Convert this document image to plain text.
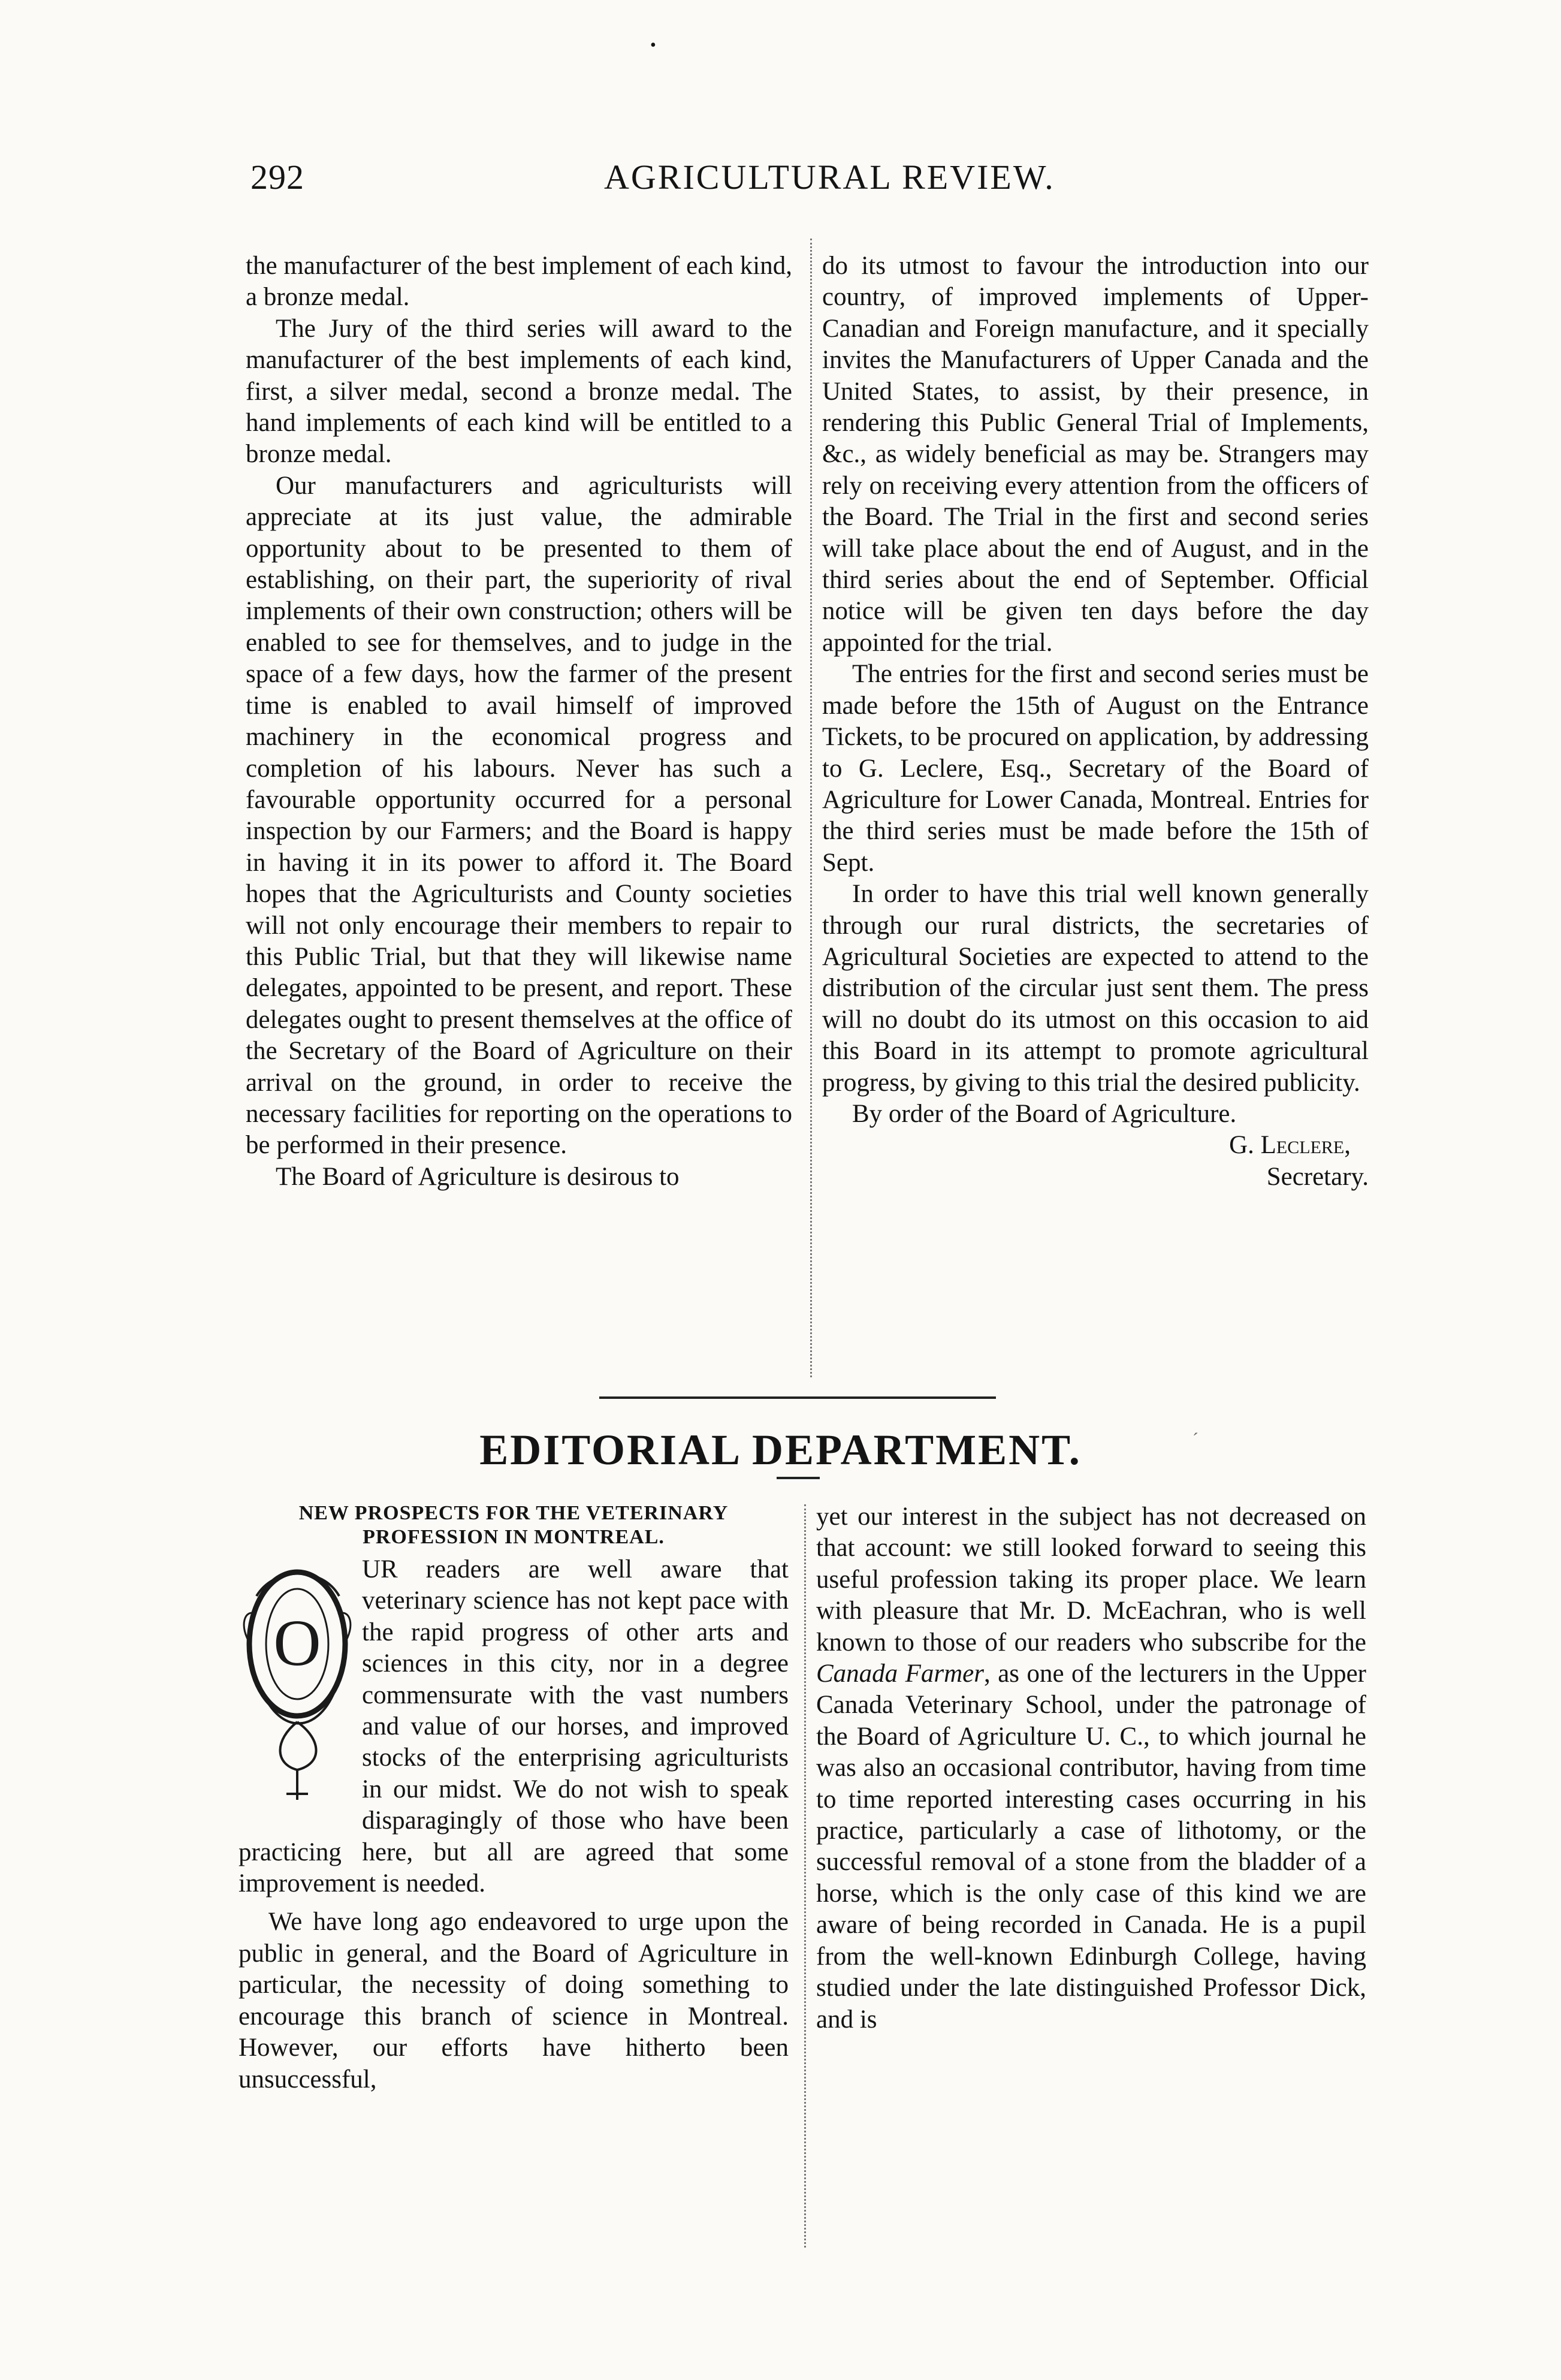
•
292	AGRICULTURAL REVIEW.

the manufacturer of the best implement of each kind, a bronze medal.

The Jury of the third series will award to the manufacturer of the best implements of each kind, first, a silver medal, second a bronze medal. The hand implements of each kind will be entitled to a bronze medal.

Our manufacturers and agriculturists will appreciate at its just value, the admirable opportunity about to be presented to them of establishing, on their part, the superiority of rival implements of their own construction; others will be enabled to see for themselves, and to judge in the space of a few days, how the farmer of the present time is enabled to avail himself of improved machinery in the economical progress and completion of his labours. Never has such a favourable opportunity occurred for a personal inspection by our Farmers; and the Board is happy in having it in its power to afford it. The Board hopes that the Agriculturists and County societies will not only encourage their members to repair to this Public Trial, but that they will likewise name delegates, appointed to be present, and report. These delegates ought to present themselves at the office of the Secretary of the Board of Agriculture on their arrival on the ground, in order to receive the necessary facilities for reporting on the operations to be performed in their presence.

The Board of Agriculture is desirous to

do its utmost to favour the introduction into our country, of improved implements of Upper-Canadian and Foreign manufacture, and it specially invites the Manufacturers of Upper Canada and the United States, to assist, by their presence, in rendering this Public General Trial of Implements, &c., as widely beneficial as may be. Strangers may rely on receiving every attention from the officers of the Board. The Trial in the first and second series will take place about the end of August, and in the third series about the end of September. Official notice will be given ten days before the day appointed for the trial.

The entries for the first and second series must be made before the 15th of August on the Entrance Tickets, to be procured on application, by addressing to G. Leclere, Esq., Secretary of the Board of Agriculture for Lower Canada, Montreal. Entries for the third series must be made before the 15th of Sept.

In order to have this trial well known generally through our rural districts, the secretaries of Agricultural Societies are expected to attend to the distribution of the circular just sent them. The press will no doubt do its utmost on this occasion to aid this Board in its attempt to promote agricultural progress, by giving to this trial the desired publicity.

By order of the Board of Agriculture.

G. Leclere,

Secretary.

EDITORIAL DEPARTMENT.	´
NEW PROSPECTS FOR THE VETERINARY
PROFESSION IN MONTREAL.
O

UR readers are well aware that veterinary science has not kept pace with the rapid progress of other arts and sciences in this city, nor in a degree commensurate with the vast numbers and value of our horses, and improved stocks of the enterprising agriculturists in our midst. We do not wish to speak disparagingly of those who have been practicing here, but all are agreed that some improvement is needed.

We have long ago endeavored to urge upon the public in general, and the Board of Agriculture in particular, the necessity of doing something to encourage this branch of science in Montreal. However, our efforts have hitherto been unsuccessful,

yet our interest in the subject has not decreased on that account: we still looked forward to seeing this useful profession taking its proper place. We learn with pleasure that Mr. D. McEachran, who is well known to those of our readers who subscribe for the Canada Farmer, as one of the lecturers in the Upper Canada Veterinary School, under the patronage of the Board of Agriculture U. C., to which journal he was also an occasional contributor, having from time to time reported interesting cases occurring in his practice, particularly a case of lithotomy, or the successful removal of a stone from the bladder of a horse, which is the only case of this kind we are aware of being recorded in Canada. He is a pupil from the well-known Edinburgh College, having studied under the late distinguished Professor Dick, and is
